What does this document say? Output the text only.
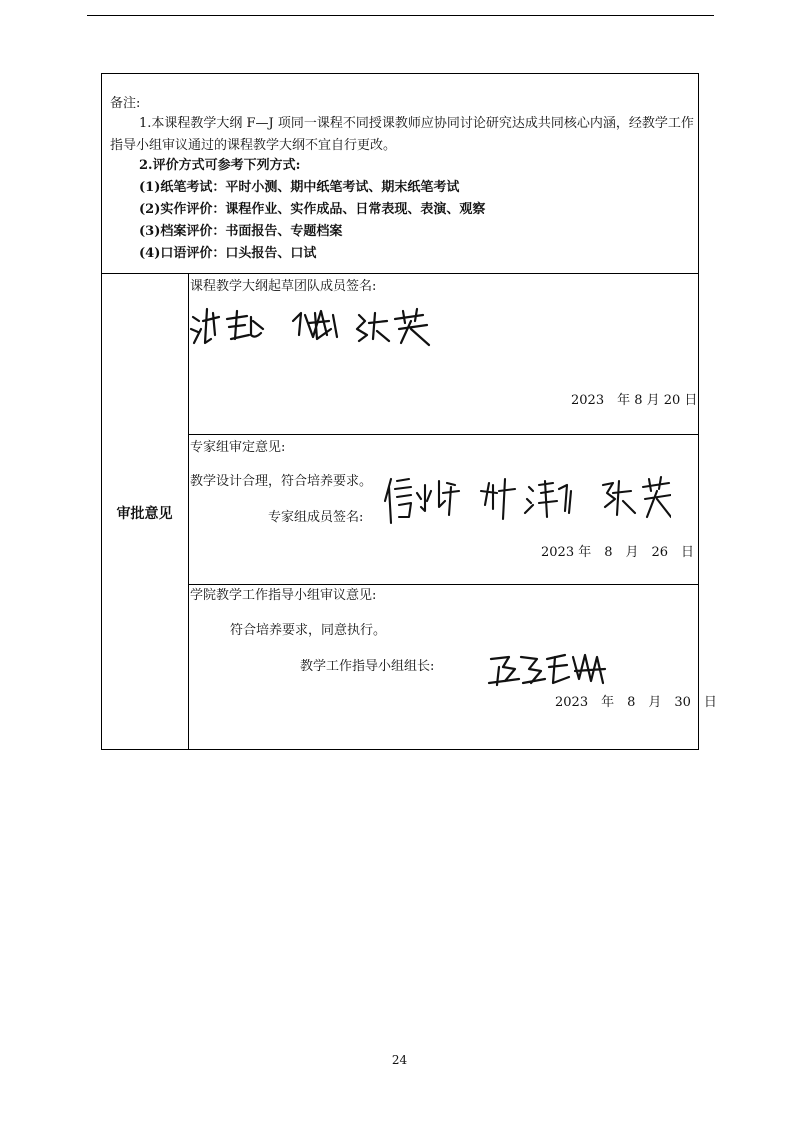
备注:
1.本课程教学大纲 F—J 项同一课程不同授课教师应协同讨论研究达成共同核心内涵，经教学工作指导小组审议通过的课程教学大纲不宜自行更改。
2.评价方式可参考下列方式:
(1)纸笔考试：平时小测、期中纸笔考试、期末纸笔考试
(2)实作评价：课程作业、实作成品、日常表现、表演、观察
(3)档案评价：书面报告、专题档案
(4)口语评价：口头报告、口试
审批意见
课程教学大纲起草团队成员签名:
2023　年 8 月 20 日
专家组审定意见:
教学设计合理，符合培养要求。
专家组成员签名:
2023 年　8　月　26　日
学院教学工作指导小组审议意见:
符合培养要求，同意执行。
教学工作指导小组组长:
2023　年　8　月　30　日
24
